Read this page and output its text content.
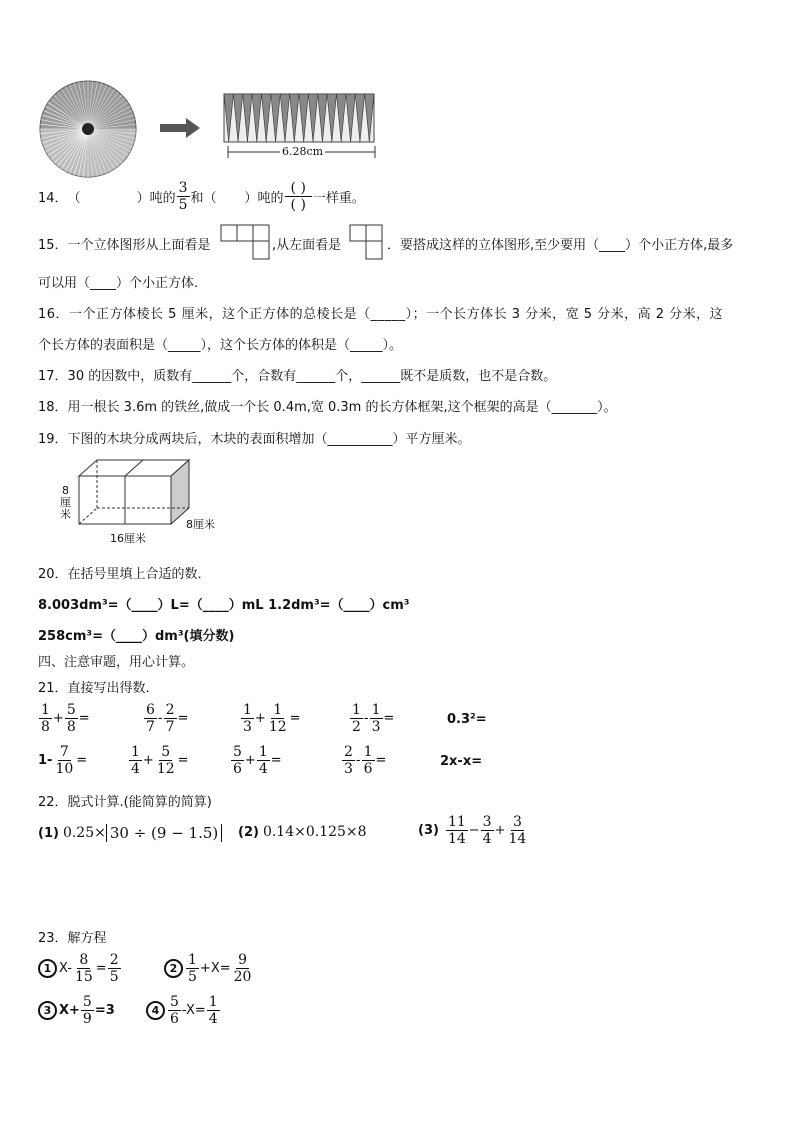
6.28cm
14． （	）吨的 $\frac{3}{5}$ 和（ ）吨的 $\frac{( )}{( )}$ 一样重。
15．一个立体图形从上面看是	,从左面看是	．要搭成这样的立体图形,至少要用（____）个小正方体,最多
可以用（____）个小正方体.
16．一个正方体棱长 5 厘米，这个正方体的总棱长是（_____）；一个长方体长 3 分米，宽 5 分米，高 2 分米，这
个长方体的表面积是（_____），这个长方体的体积是（_____）。
17．30 的因数中，质数有______个，合数有______个，______既不是质数，也不是合数。
18．用一根长 3.6m 的铁丝,做成一个长 0.4m,宽 0.3m 的长方体框架,这个框架的高是（_______）。
19．下图的木块分成两块后，木块的表面积增加（__________）平方厘米。
8
厘
米
16厘米
8厘米
20．在括号里填上合适的数．
8.003dm³=（____）L=（____）mL 1.2dm³=（____）cm³
258cm³=（____）dm³(填分数)
四、注意审题，用心计算。
21．直接写出得数.
$\frac{1}{8} + \frac{5}{8}$ =	$\frac{6}{7} - \frac{2}{7}$ =	$\frac{1}{3} + \frac{1}{12}$ =	$\frac{1}{2} - \frac{1}{3}$ =	0.3²=
$1- \frac{7}{10}$ =	$\frac{1}{4} + \frac{5}{12}$ =	$\frac{5}{6} + \frac{1}{4}$ =	$\frac{2}{3} - \frac{1}{6}$ =	2x-x=
22．脱式计算.(能简算的简算)
(1) 0.25× 30 ÷ (9 − 1.5)	(2) 0.14×0.125×8	$(3) \frac{11}{14} - \frac{3}{4} + \frac{3}{14}$
23．解方程
1 $X- \frac{8}{15} = \frac{2}{5}$	$2 \frac{1}{5} +X= \frac{9}{20}$
3 $X+ \frac{5}{9} =3$	$4 \frac{5}{6} -X= \frac{1}{4}$
